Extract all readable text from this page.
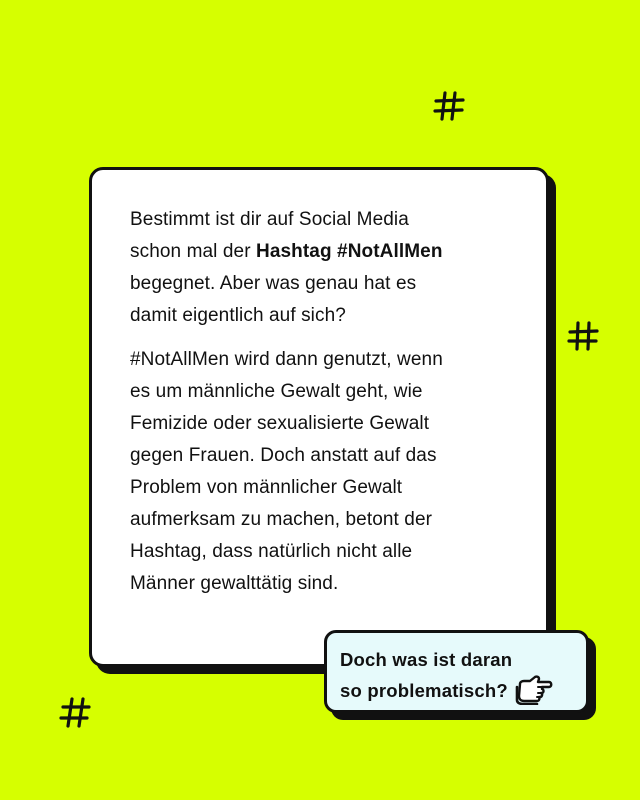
Bestimmt ist dir auf Social Media
schon mal der Hashtag #NotAllMen
begegnet. Aber was genau hat es
damit eigentlich auf sich?

#NotAllMen wird dann genutzt, wenn
es um männliche Gewalt geht, wie
Femizide oder sexualisierte Gewalt
gegen Frauen. Doch anstatt auf das
Problem von männlicher Gewalt
aufmerksam zu machen, betont der
Hashtag, dass natürlich nicht alle
Männer gewalttätig sind.

Doch was ist daran
so problematisch?
